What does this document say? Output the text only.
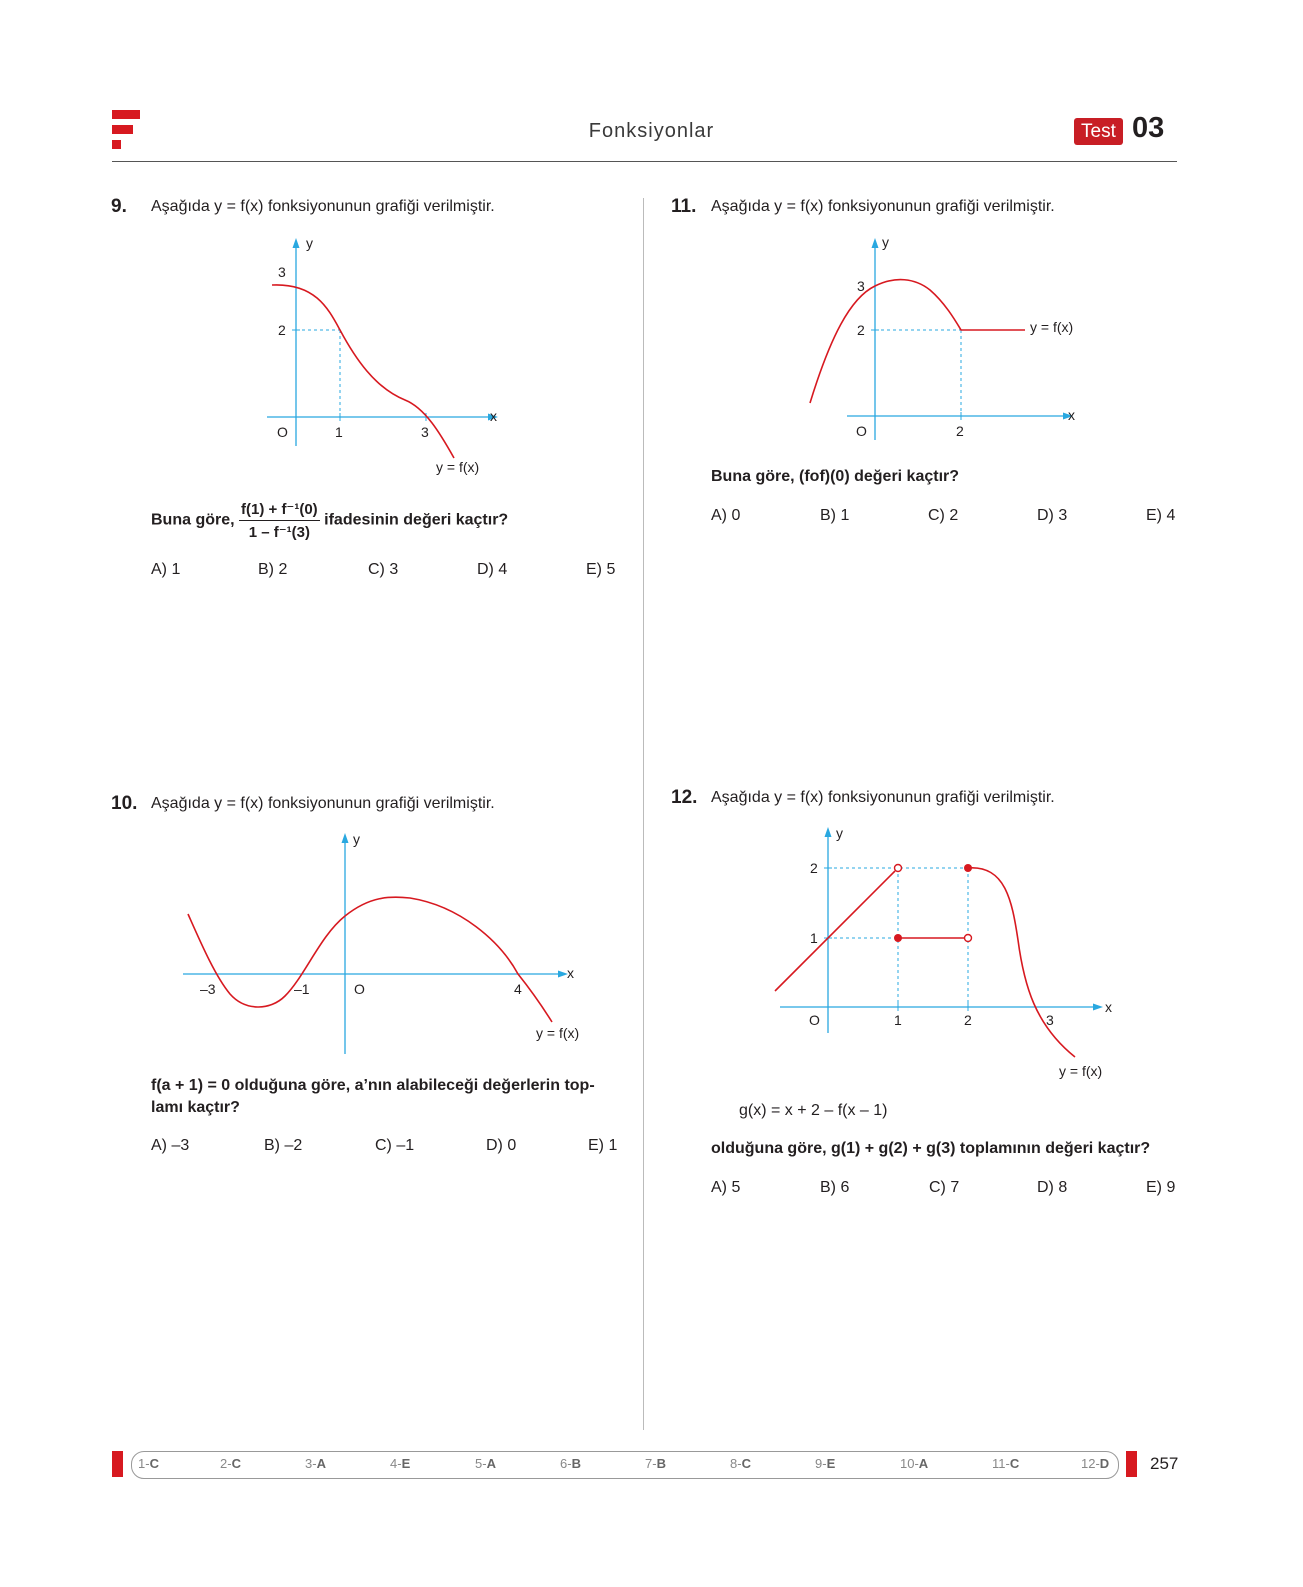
Fonksiyonlar	Test 03
9. Aşağıda y = f(x) fonksiyonunun grafiği verilmiştir.
y
x
3
2
O	1	3
y = f(x)
Buna göre, $\frac{\text{f(1) + f⁻¹(0)}}{\text{1 – f⁻¹(3)}}$ ifadesinin değeri kaçtır?
A) 1	B) 2	C) 3	D) 4	E) 5
10. Aşağıda y = f(x) fonksiyonunun grafiği verilmiştir.
y
x
–3	–1	O	4
y = f(x)
f(a + 1) = 0 olduğuna göre, a’nın alabileceği değerlerin top-
lamı kaçtır?
A) –3	B) –2	C) –1	D) 0	E) 1
11. Aşağıda y = f(x) fonksiyonunun grafiği verilmiştir.
y
x
3
2
O	2
y = f(x)
Buna göre, (fof)(0) değeri kaçtır?
A) 0	B) 1	C) 2	D) 3	E) 4
12. Aşağıda y = f(x) fonksiyonunun grafiği verilmiştir.
y
x
2
1
O	1	2	3
y = f(x)
g(x) = x + 2 – f(x – 1)
olduğuna göre, g(1) + g(2) + g(3) toplamının değeri kaçtır?
A) 5	B) 6	C) 7	D) 8	E) 9
1-C	2-C	3-A	4-E	5-A	6-B	7-B	8-C	9-E	10-A	11-C	12-D 257
